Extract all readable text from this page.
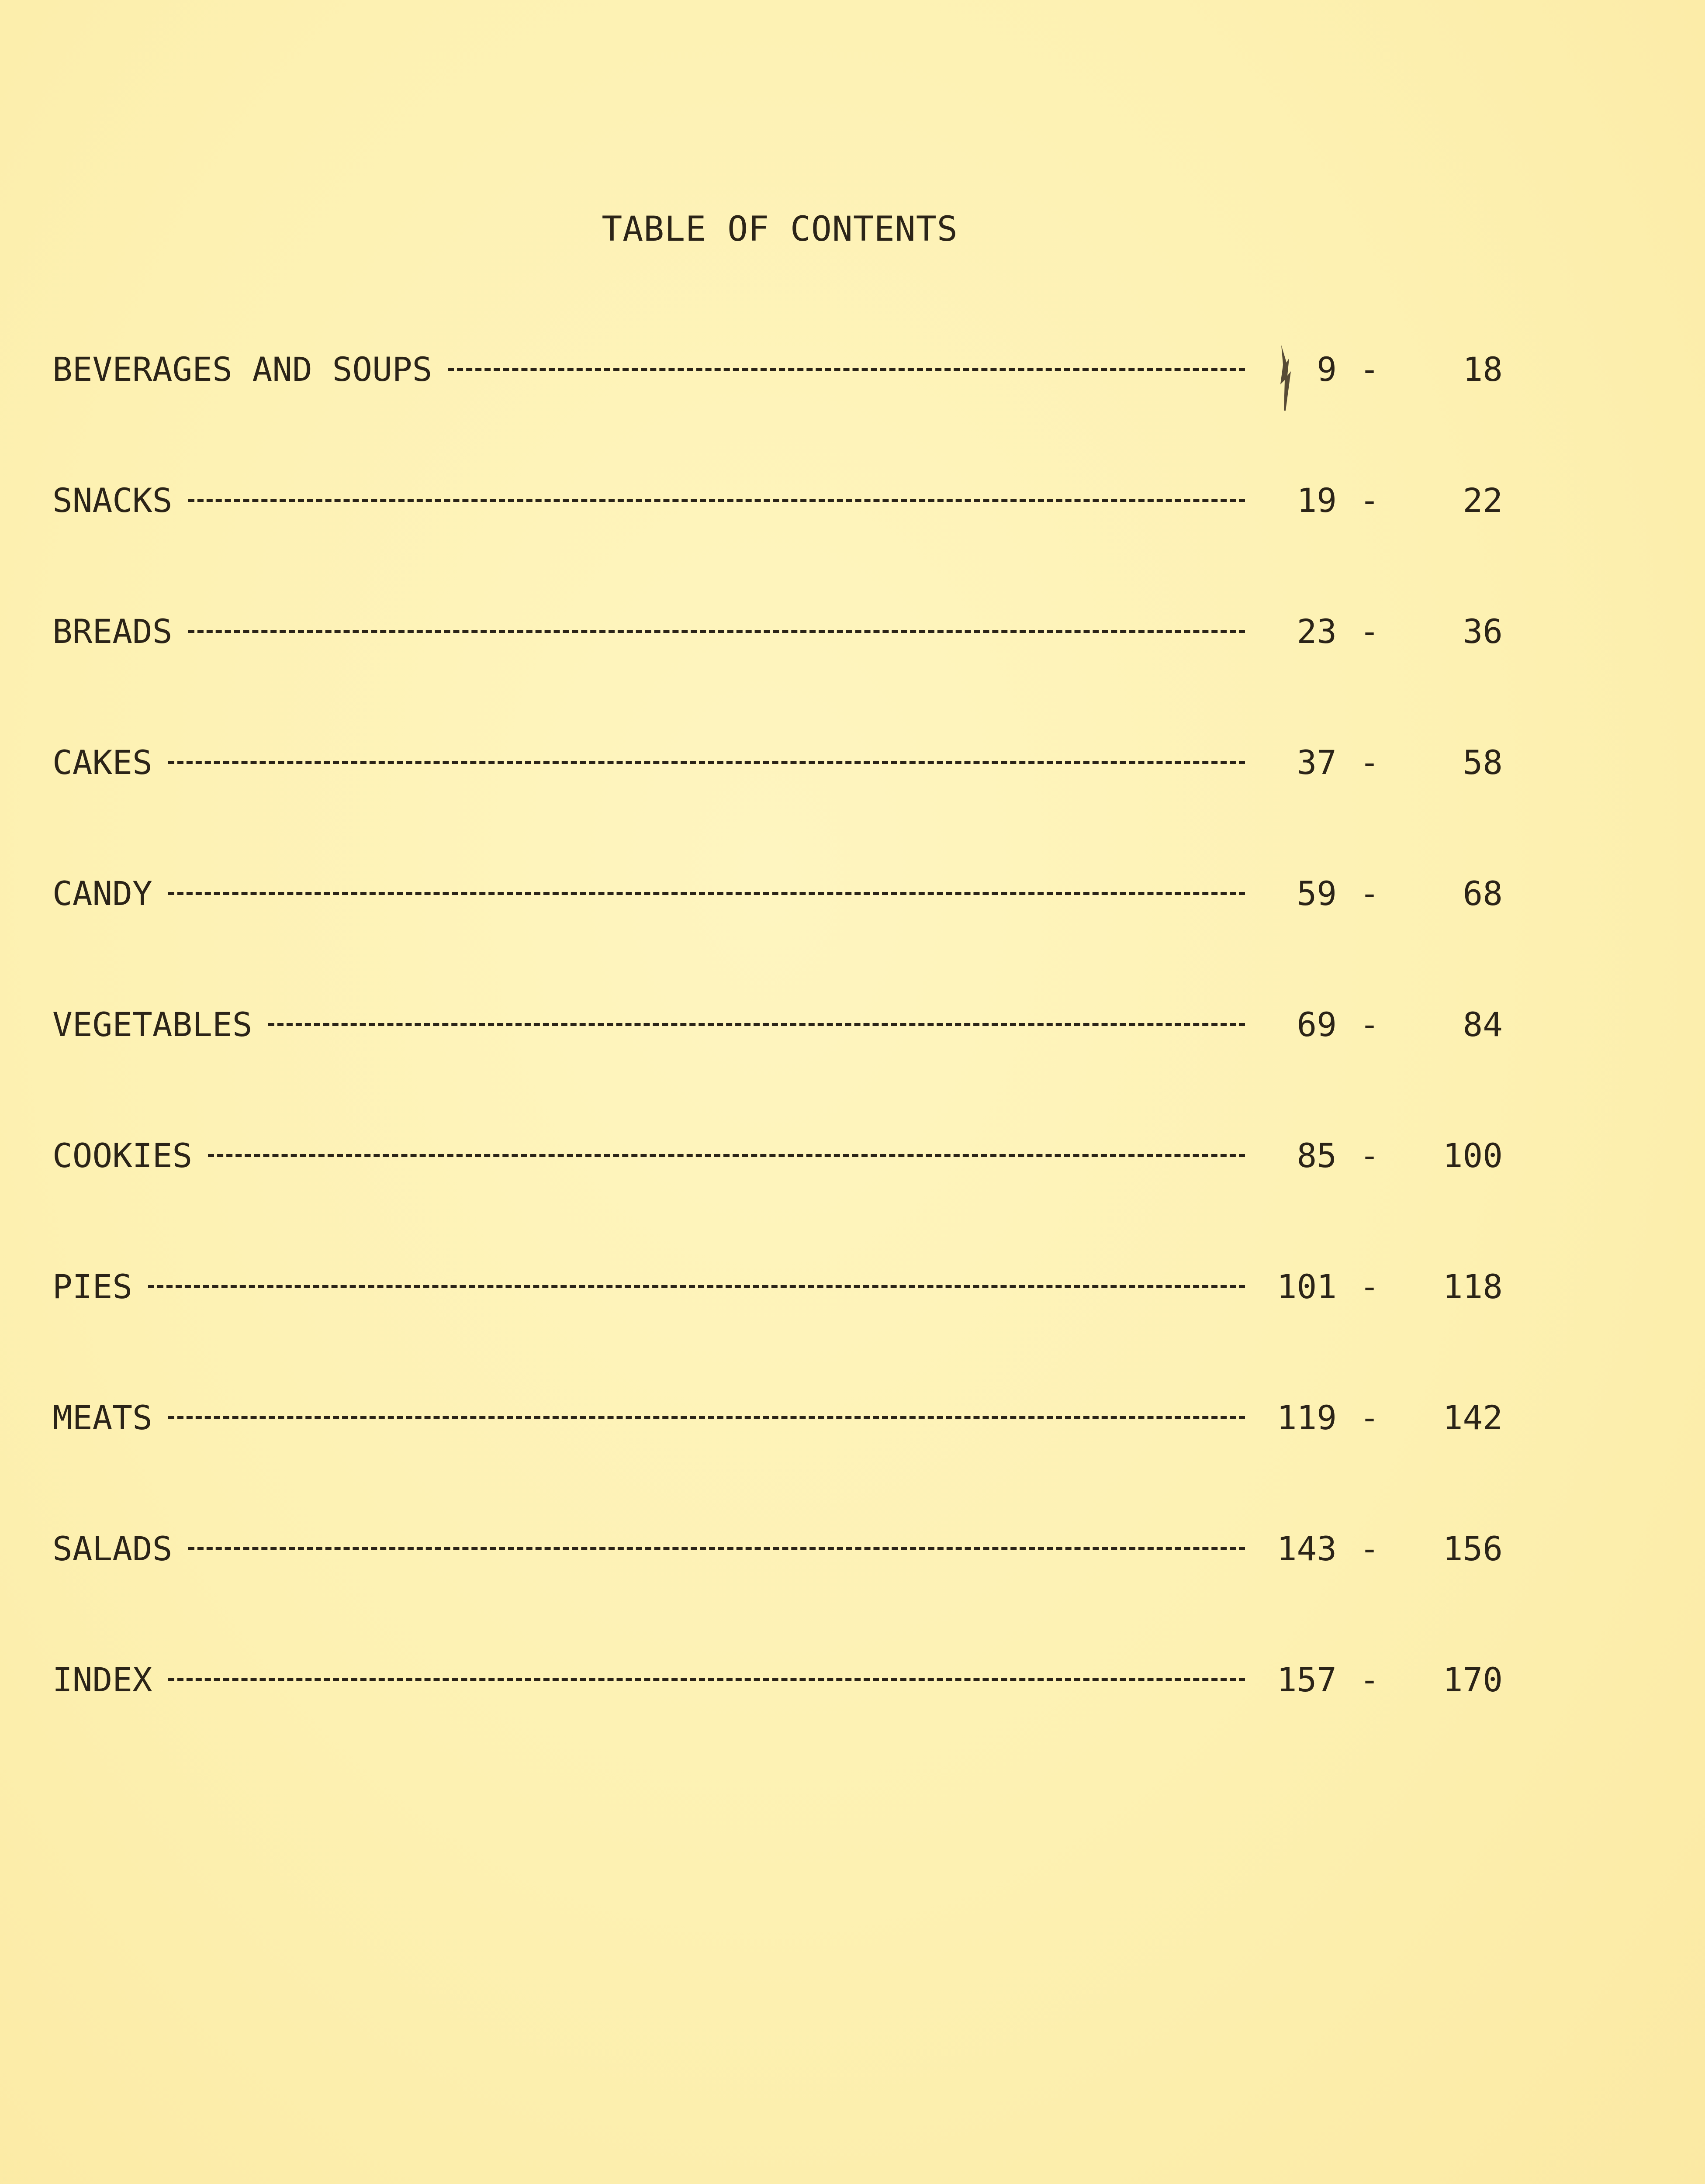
TABLE OF CONTENTS
BEVERAGES AND SOUPS	9 -	18
SNACKS	19 -	22
BREADS	23 -	36
CAKES	37 -	58
CANDY	59 -	68
VEGETABLES	69 -	84
COOKIES	85 -	100
PIES	101 -	118
MEATS	119 -	142
SALADS	143 -	156
INDEX	157 -	170
